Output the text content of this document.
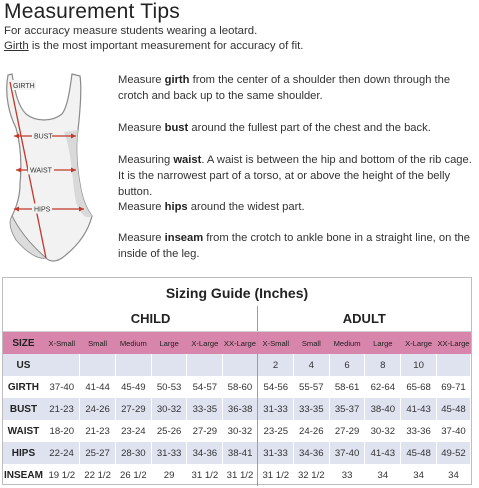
Measurement Tips
For accuracy measure students wearing a leotard.
Girth is the most important measurement for accuracy of fit.
GIRTH
BUST
WAIST
HIPS

Measure girth from the center of a shoulder then down through the crotch and back up to the same shoulder.

Measure bust around the fullest part of the chest and the back.

Measuring waist. A waist is between the hip and bottom of the rib cage. It is the narrowest part of a torso, at or above the height of the belly button.

Measure hips around the widest part.

Measure inseam from the crotch to ankle bone in a straight line, on the inside of the leg.

Sizing Guide (Inches)
	CHILD						ADULT					
SIZE	X-Small	Small	Medium	Large	X-Large	XX-Large	X-Small	Small	Medium	Large	X-Large	XX-Large
US							2	4	6	8	10	
GIRTH	37-40	41-44	45-49	50-53	54-57	58-60	54-56	55-57	58-61	62-64	65-68	69-71
BUST	21-23	24-26	27-29	30-32	33-35	36-38	31-33	33-35	35-37	38-40	41-43	45-48
WAIST	18-20	21-23	23-24	25-26	27-29	30-32	23-25	24-26	27-29	30-32	33-36	37-40
HIPS	22-24	25-27	28-30	31-33	34-36	38-41	31-33	34-36	37-40	41-43	45-48	49-52
INSEAM	19 1/2	22 1/2	26 1/2	29	31 1/2	31 1/2	31 1/2	32 1/2	33	34	34	34
